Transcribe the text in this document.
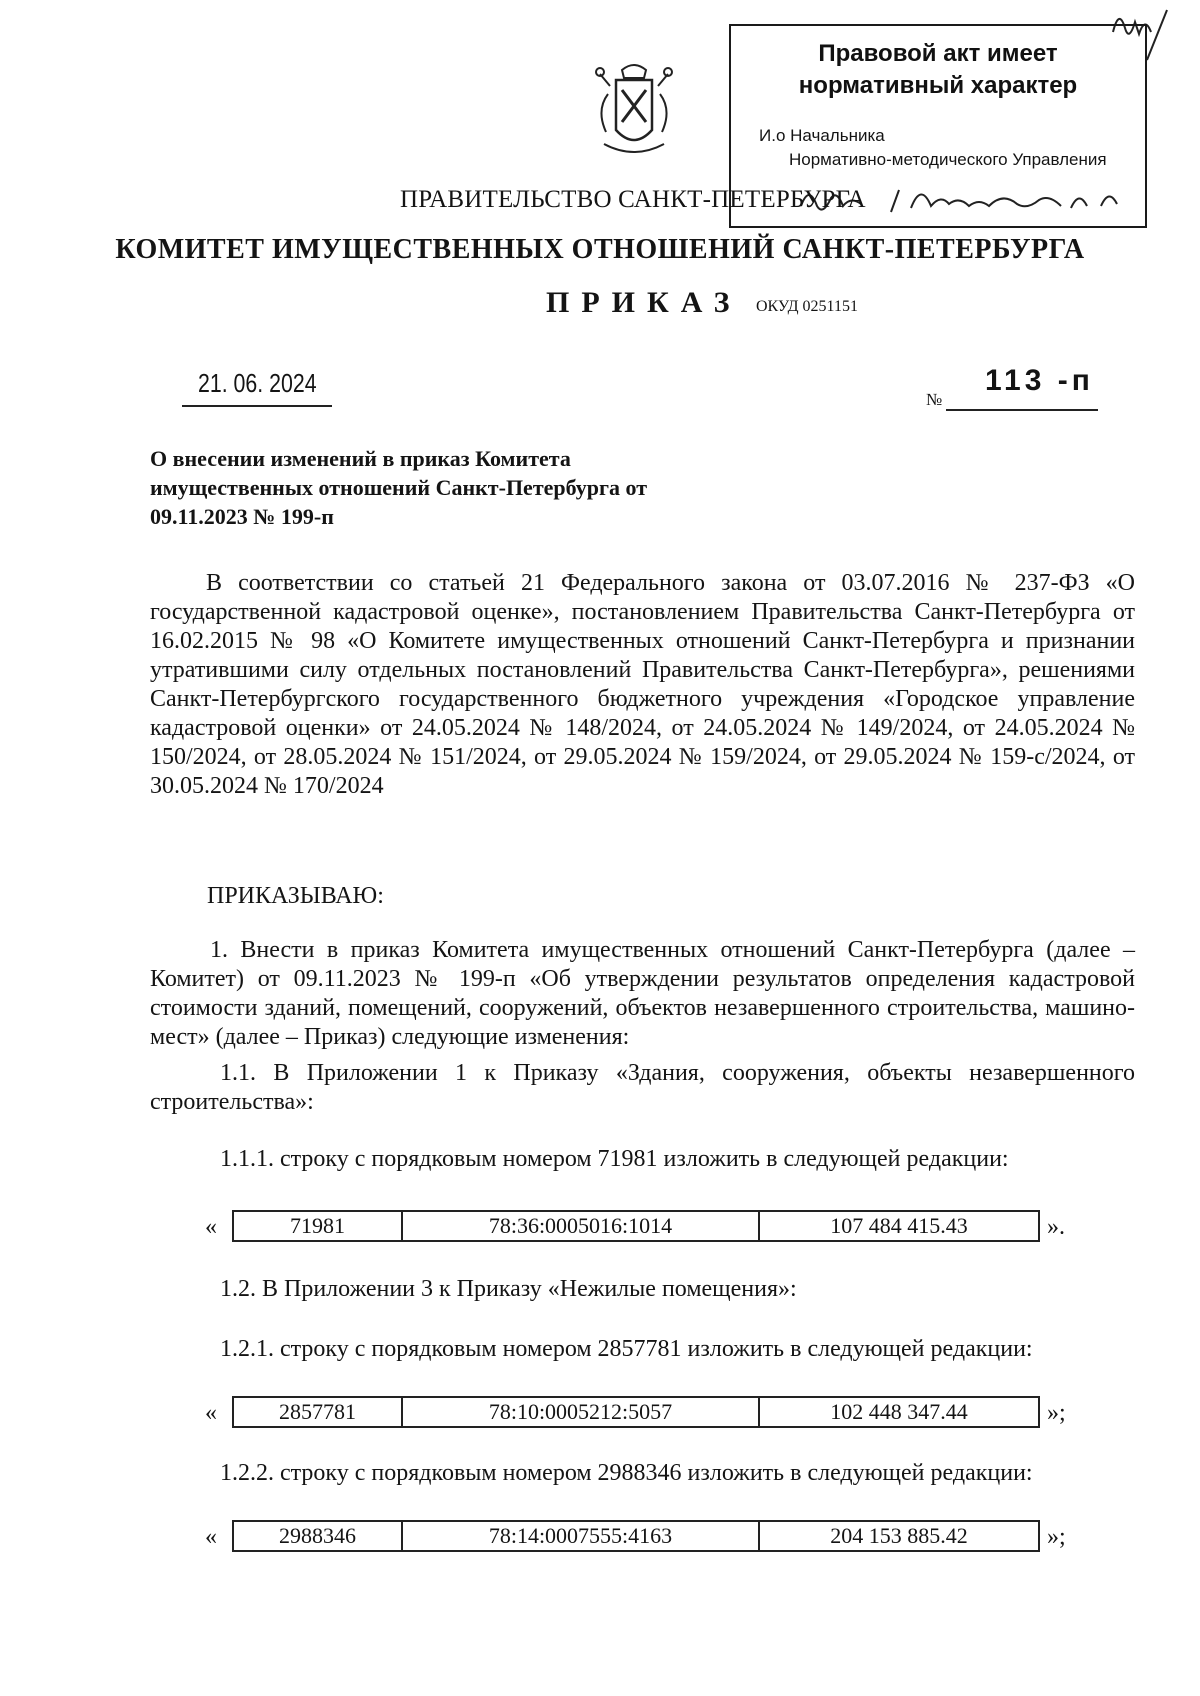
Правовой акт имеет
нормативный характер
И.о Начальника
Нормативно-методического Управления
ПРАВИТЕЛЬСТВО САНКТ-ПЕТЕРБУРГА
КОМИТЕТ ИМУЩЕСТВЕННЫХ ОТНОШЕНИЙ САНКТ-ПЕТЕРБУРГА
ПРИКАЗ ОКУД 0251151
21. 06. 2024
№
113 -п
О внесении изменений в приказ Комитета имущественных отношений Санкт-Петербурга от 09.11.2023 № 199-п
В соответствии со статьей 21 Федерального закона от 03.07.2016 № 237-ФЗ «О государственной кадастровой оценке», постановлением Правительства Санкт-Петербурга от 16.02.2015 № 98 «О Комитете имущественных отношений Санкт-Петербурга и признании утратившими силу отдельных постановлений Правительства Санкт-Петербурга», решениями Санкт-Петербургского государственного бюджетного учреждения «Городское управление кадастровой оценки» от 24.05.2024 № 148/2024, от 24.05.2024 № 149/2024, от 24.05.2024 № 150/2024, от 28.05.2024 № 151/2024, от 29.05.2024 № 159/2024, от 29.05.2024 № 159-с/2024, от 30.05.2024 № 170/2024
ПРИКАЗЫВАЮ:
1. Внести в приказ Комитета имущественных отношений Санкт-Петербурга (далее – Комитет) от 09.11.2023 № 199-п «Об утверждении результатов определения кадастровой стоимости зданий, помещений, сооружений, объектов незавершенного строительства, машино-мест» (далее – Приказ) следующие изменения:
1.1. В Приложении 1 к Приказу «Здания, сооружения, объекты незавершенного строительства»:
1.1.1. строку с порядковым номером 71981 изложить в следующей редакции:
«	71981	78:36:0005016:1014	107 484 415.43	».
1.2. В Приложении 3 к Приказу «Нежилые помещения»:
1.2.1. строку с порядковым номером 2857781 изложить в следующей редакции:
«	2857781	78:10:0005212:5057	102 448 347.44	»;
1.2.2. строку с порядковым номером 2988346 изложить в следующей редакции:
«	2988346	78:14:0007555:4163	204 153 885.42	»;
